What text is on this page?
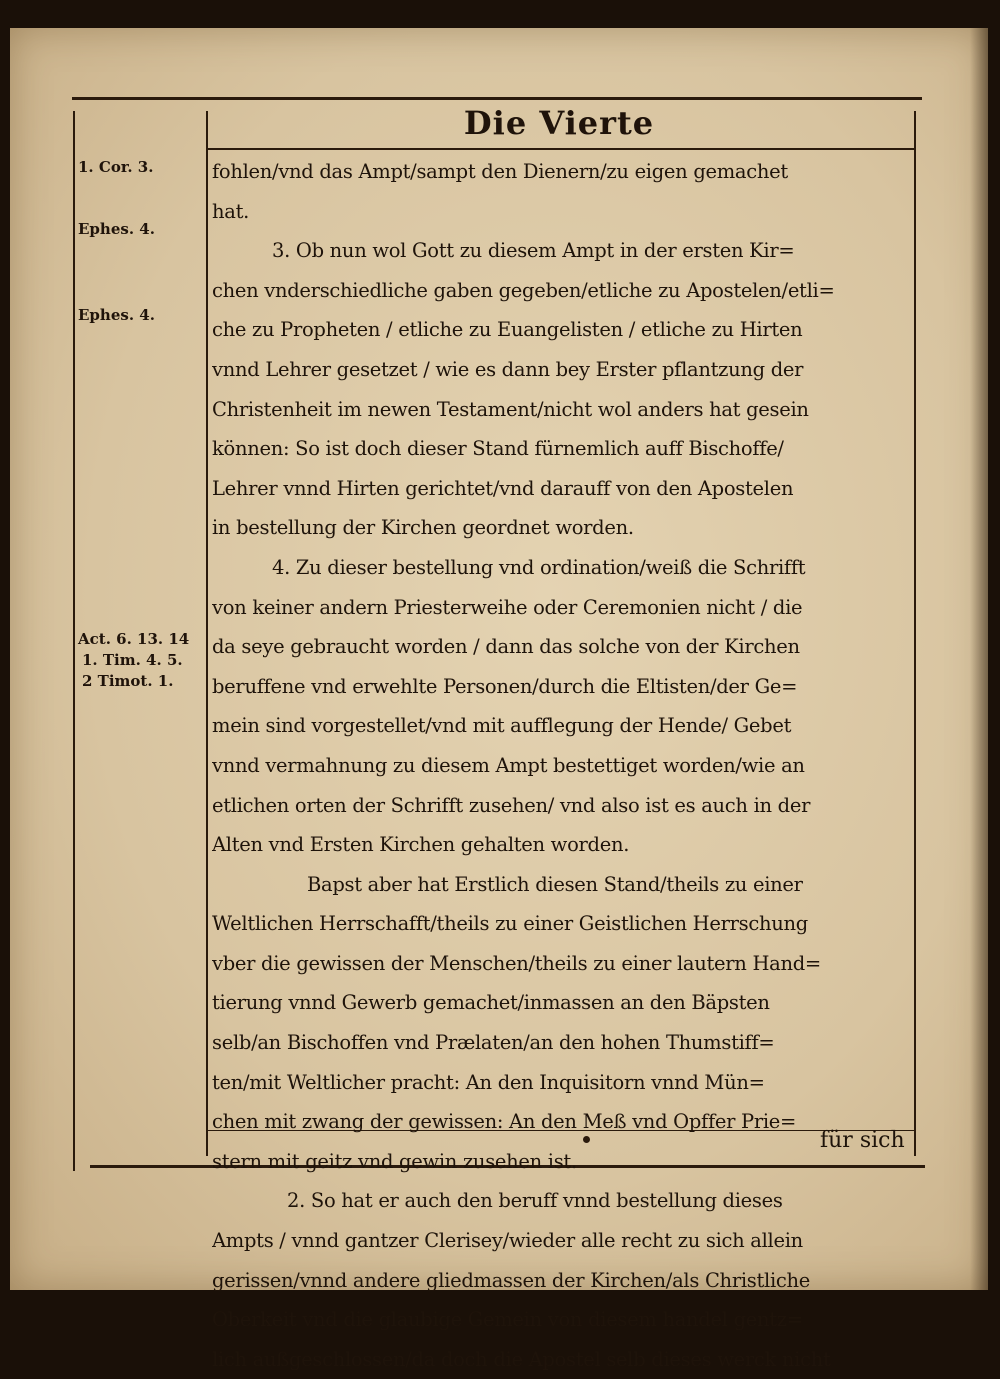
Die Vierte
1. Cor. 3.
Ephes. 4.
Ephes. 4.
Act. 6. 13. 14
1. Tim. 4. 5.
2 Timot. 1.
fohlen/vnd das Ampt/sampt den Dienern/zu eigen gemachet
hat.
3. Ob nun wol Gott zu diesem Ampt in der ersten Kir=
chen vnderschiedliche gaben gegeben/etliche zu Apostelen/etli=
che zu Propheten / etliche zu Euangelisten / etliche zu Hirten
vnnd Lehrer gesetzet / wie es dann bey Erster pflantzung der
Christenheit im newen Testament/nicht wol anders hat gesein
können: So ist doch dieser Stand fürnemlich auff Bischoffe/
Lehrer vnnd Hirten gerichtet/vnd darauff von den Apostelen
in bestellung der Kirchen geordnet worden.
4. Zu dieser bestellung vnd ordination/weiß die Schrifft
von keiner andern Priesterweihe oder Ceremonien nicht / die
da seye gebraucht worden / dann das solche von der Kirchen
beruffene vnd erwehlte Personen/durch die Eltisten/der Ge=
mein sind vorgestellet/vnd mit aufflegung der Hende/ Gebet
vnnd vermahnung zu diesem Ampt bestettiget worden/wie an
etlichen orten der Schrifft zusehen/ vnd also ist es auch in der
Alten vnd Ersten Kirchen gehalten worden.
Bapst aber hat Erstlich diesen Stand/theils zu einer
Weltlichen Herrschafft/theils zu einer Geistlichen Herrschung
vber die gewissen der Menschen/theils zu einer lautern Hand=
tierung vnnd Gewerb gemachet/inmassen an den Bäpsten
selb/an Bischoffen vnd Prælaten/an den hohen Thumstiff=
ten/mit Weltlicher pracht: An den Inquisitorn vnnd Mün=
chen mit zwang der gewissen: An den Meß vnd Opffer Prie=
stern mit geitz vnd gewin zusehen ist.
2. So hat er auch den beruff vnnd bestellung dieses
Ampts / vnnd gantzer Clerisey/wieder alle recht zu sich allein
gerissen/vnnd andere gliedmassen der Kirchen/als Christliche
Oberkeit vnd die glaubige Gemein von diesem handel gentz=
lich außgeschlossen/da doch die Apostel selb dieses werck nicht
für sich
